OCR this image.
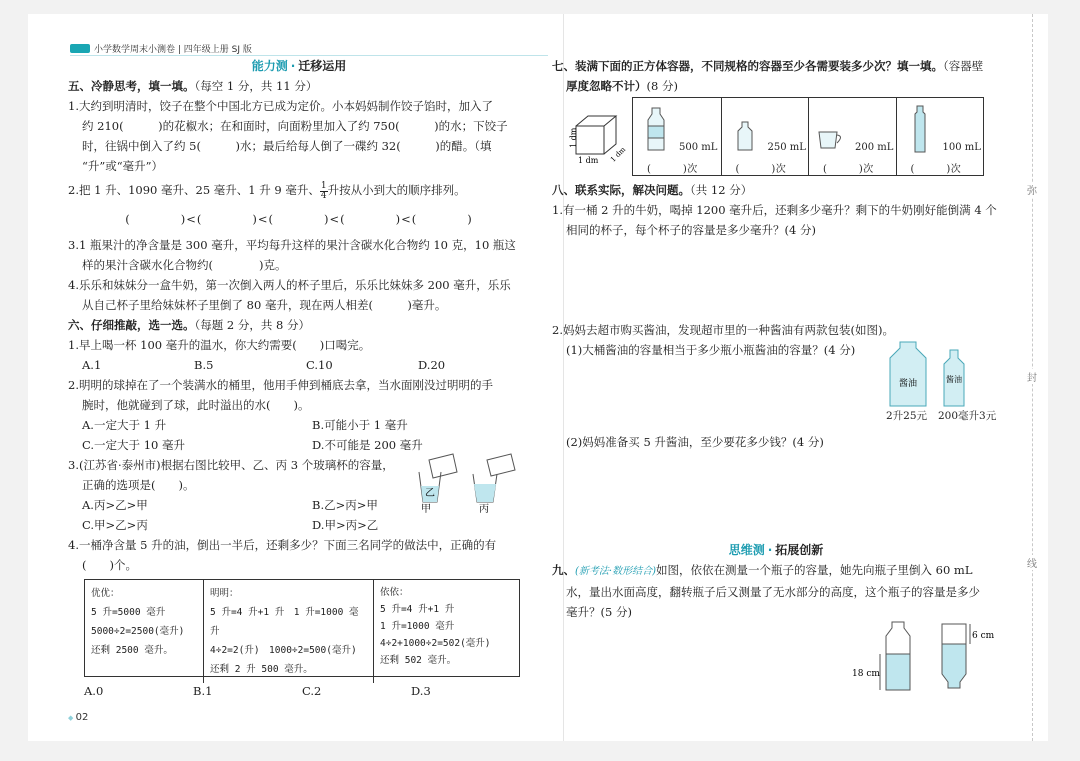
弥
封
线
小学数学周末小测卷 | 四年级上册 SJ 版
能力测 · 迁移运用
五、冷静思考，填一填。（每空 1 分，共 11 分）
1.大约到明清时，饺子在整个中国北方已成为定价。小本妈妈制作饺子馅时，加入了
约 210(　　　)的花椒水；在和面时，向面粉里加入了约 750(　　　)的水；下饺子
时，往锅中倒入了约 5(　　　)水；最后给每人倒了一碟约 32(　　　)的醋。（填
“升”或“毫升”）
2.把 1 升、1090 毫升、25 毫升、1 升 9 毫升、 $\frac{1}{4}$ 升按从小到大的顺序排列。
(　　　　)<(　　　　)<(　　　　)<(　　　　)<(　　　　)
3.1 瓶果汁的净含量是 300 毫升，平均每升这样的果汁含碳水化合物约 10 克，10 瓶这
样的果汁含碳水化合物约(　　　　)克。
4.乐乐和妹妹分一盒牛奶，第一次倒入两人的杯子里后，乐乐比妹妹多 200 毫升，乐乐
从自己杯子里给妹妹杯子里倒了 80 毫升，现在两人相差(　　　)毫升。
六、仔细推敲，选一选。（每题 2 分，共 8 分）
1.早上喝一杯 100 毫升的温水，你大约需要(　　)口喝完。
A.1	B.5	C.10	D.20
2.明明的球掉在了一个装满水的桶里，他用手伸到桶底去拿，当水面刚没过明明的手
腕时，他就碰到了球，此时溢出的水(　　)。
A.一定大于 1 升	B.可能小于 1 毫升
C.一定大于 10 毫升	D.不可能是 200 毫升
3.(江苏省·泰州市)根据右图比较甲、乙、丙 3 个玻璃杯的容量，
正确的选项是(　　)。
A.丙>乙>甲	B.乙>丙>甲
C.甲>乙>丙	D.甲>丙>乙
4.一桶净含量 5 升的油，倒出一半后，还剩多少？下面三名同学的做法中，正确的有
(　　)个。
乙
甲	丙
优优：
5 升=5000 毫升
5000÷2=2500(毫升)
还剩 2500 毫升。
明明：
5 升=4 升+1 升　1 升=1000 毫升
4÷2=2(升)　1000÷2=500(毫升)
还剩 2 升 500 毫升。
依依：
5 升=4 升+1 升
1 升=1000 毫升
4÷2+1000÷2=502(毫升)
还剩 502 毫升。
A.0	B.1	C.2	D.3
◆ 02
七、装满下面的正方体容器，不同规格的容器至少各需要装多少次？填一填。（容器壁
厚度忽略不计）(8 分)
1 dm
1 dm 1 dm	500 mL
(　　　)次
250 mL
(　　　)次
200 mL
(　　　)次
100 mL
(　　　)次
八、联系实际，解决问题。（共 12 分）
1.有一桶 2 升的牛奶，喝掉 1200 毫升后，还剩多少毫升？剩下的牛奶刚好能倒满 4 个
相同的杯子，每个杯子的容量是多少毫升？(4 分)
2.妈妈去超市购买酱油，发现超市里的一种酱油有两款包装(如图)。
(1)大桶酱油的容量相当于多少瓶小瓶酱油的容量？(4 分)
(2)妈妈准备买 5 升酱油，至少要花多少钱？(4 分)
酱油	酱油
2升25元 200毫升3元
思维测 · 拓展创新
九、(新考法·数形结合)如图，依依在测量一个瓶子的容量，她先向瓶子里倒入 60 mL
水，量出水面高度，翻转瓶子后又测量了无水部分的高度，这个瓶子的容量是多少
毫升？(5 分)
18 cm
6 cm
